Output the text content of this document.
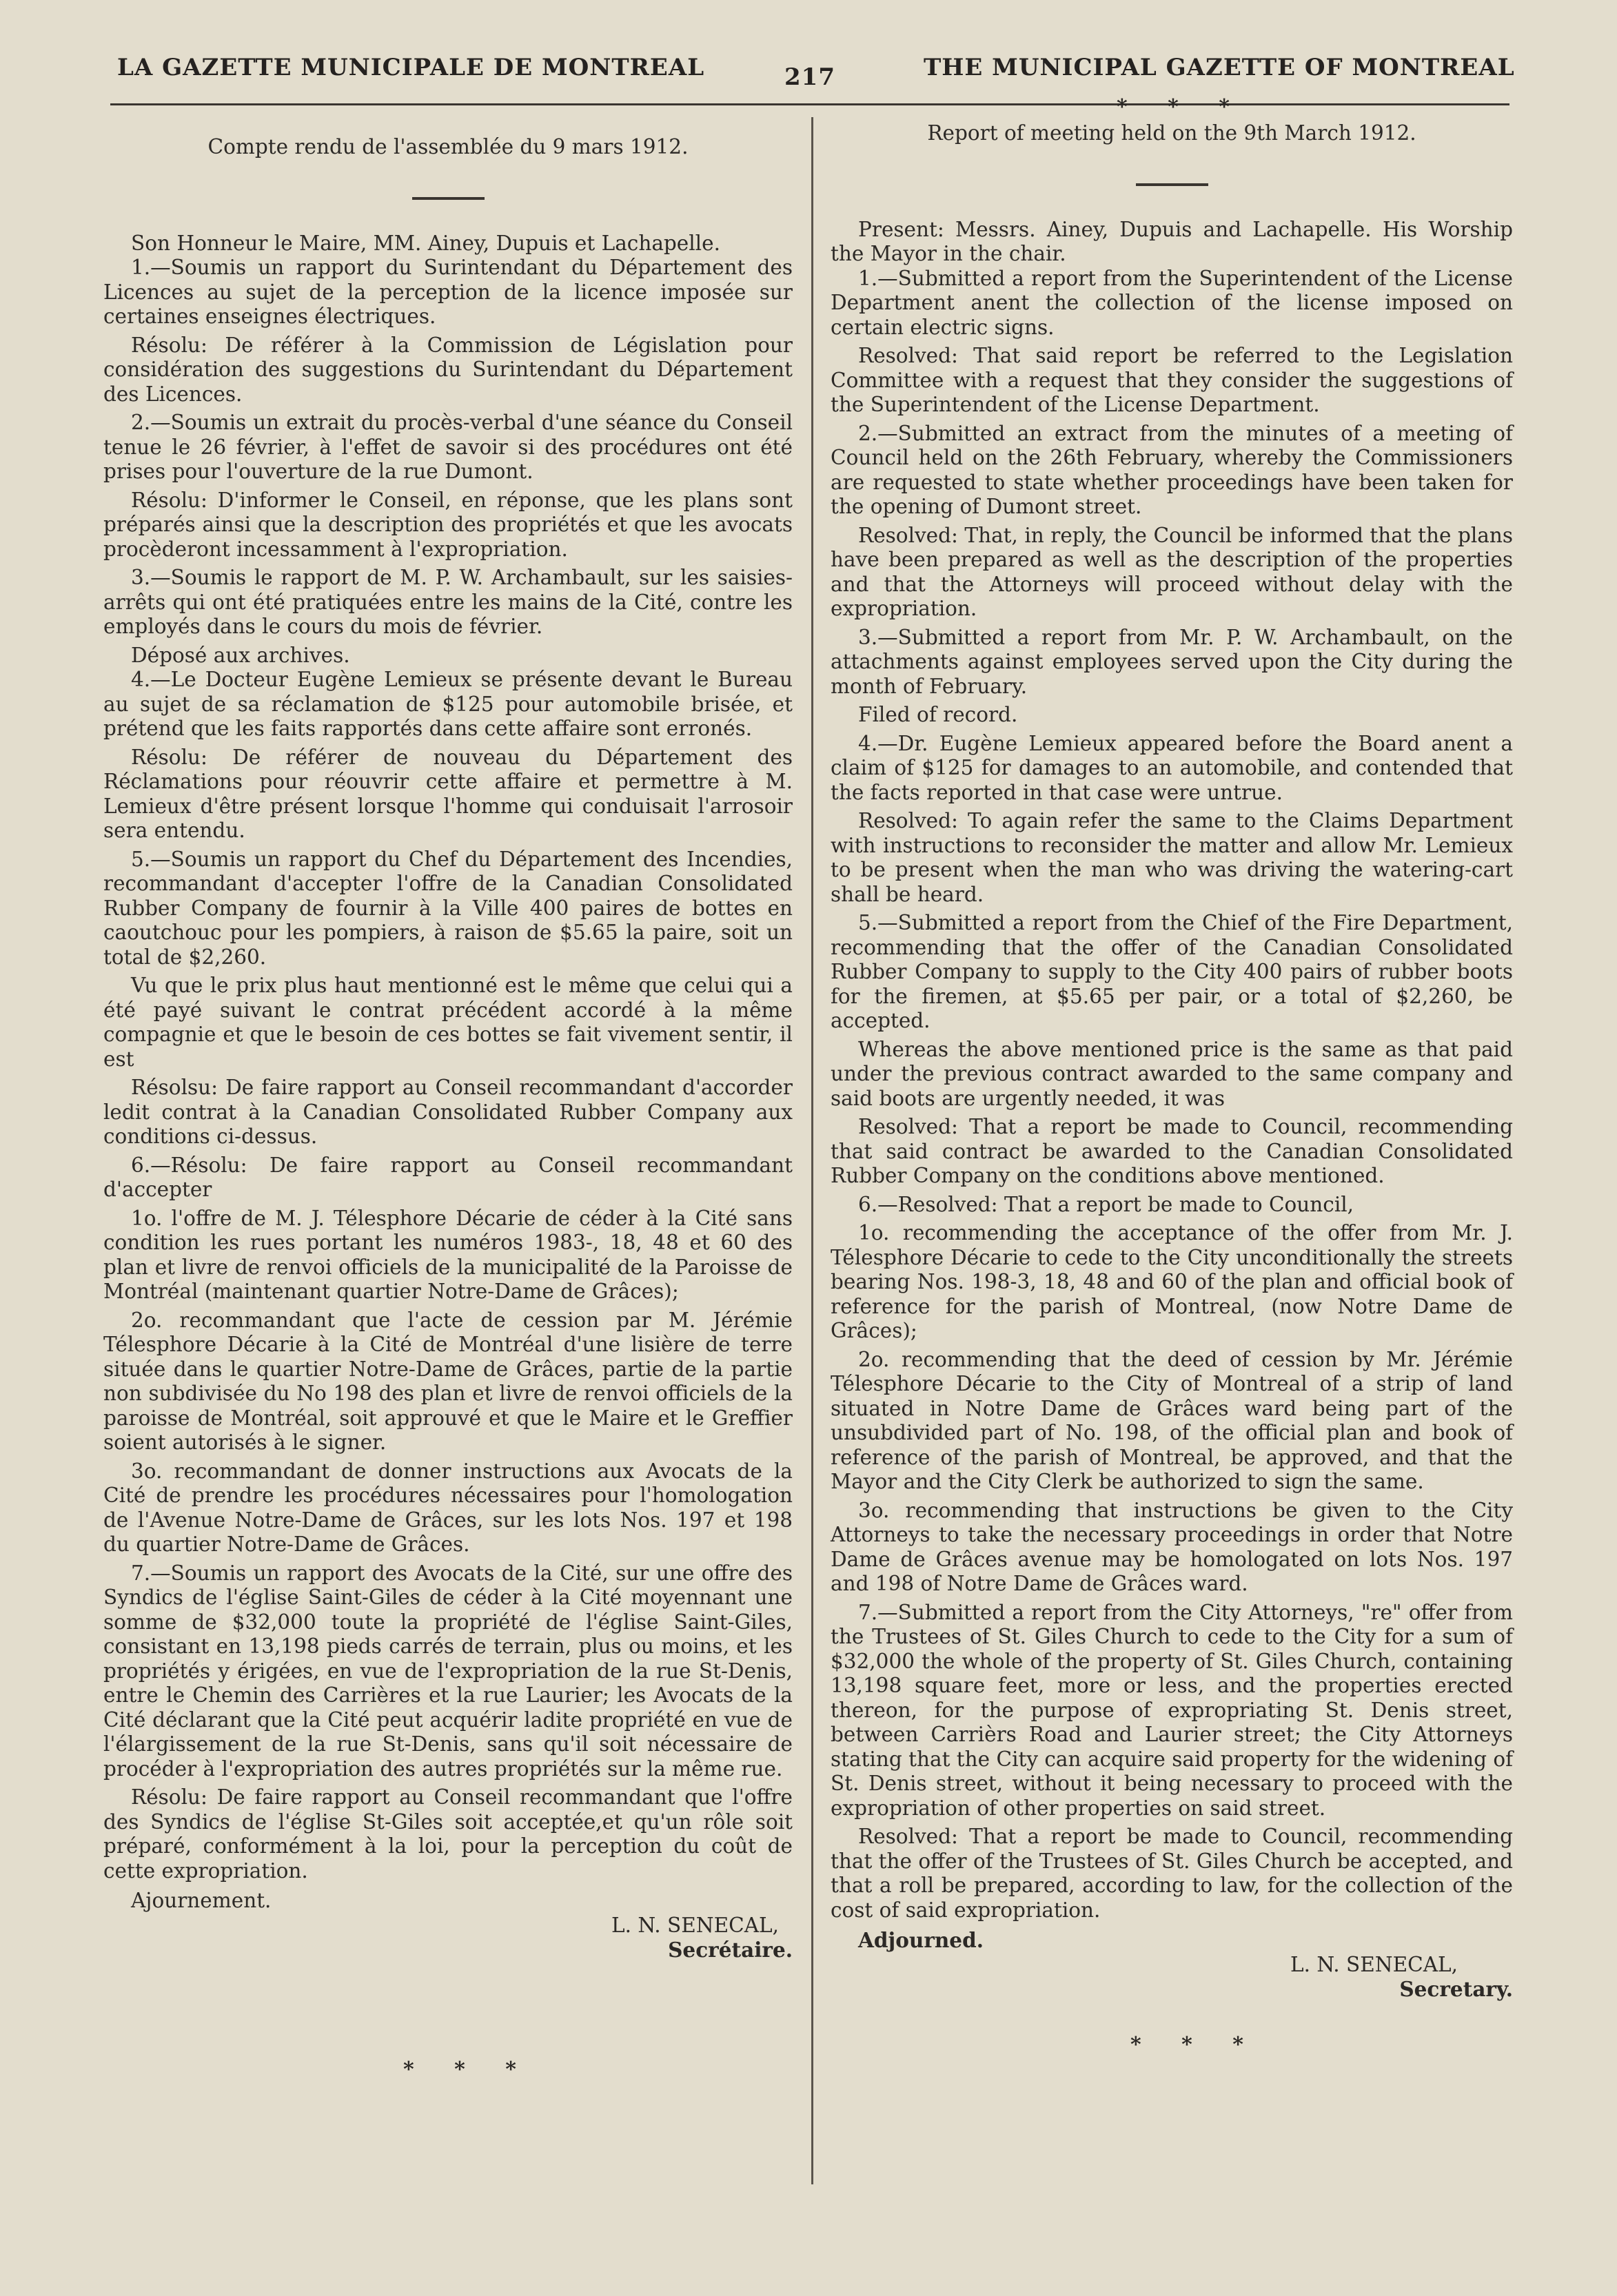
LA GAZETTE MUNICIPALE DE MONTREAL	217	THE MUNICIPAL GAZETTE OF MONTREAL
* * *

Compte rendu de l'assemblée du 9 mars 1912.

Son Honneur le Maire, MM. Ainey, Dupuis et Lachapelle.

1.—Soumis un rapport du Surintendant du Département des Licences au sujet de la perception de la licence imposée sur certaines enseignes électriques.

Résolu: De référer à la Commission de Législation pour considération des suggestions du Surintendant du Département des Licences.

2.—Soumis un extrait du procès-verbal d'une séance du Conseil tenue le 26 février, à l'effet de savoir si des procédures ont été prises pour l'ouverture de la rue Dumont.

Résolu: D'informer le Conseil, en réponse, que les plans sont préparés ainsi que la description des propriétés et que les avocats procèderont incessamment à l'expropriation.

3.—Soumis le rapport de M. P. W. Archambault, sur les saisies-arrêts qui ont été pratiquées entre les mains de la Cité, contre les employés dans le cours du mois de février.

Déposé aux archives.

4.—Le Docteur Eugène Lemieux se présente devant le Bureau au sujet de sa réclamation de $125 pour automobile brisée, et prétend que les faits rapportés dans cette affaire sont erronés.

Résolu: De référer de nouveau du Département des Réclamations pour réouvrir cette affaire et permettre à M. Lemieux d'être présent lorsque l'homme qui conduisait l'arrosoir sera entendu.

5.—Soumis un rapport du Chef du Département des Incendies, recommandant d'accepter l'offre de la Canadian Consolidated Rubber Company de fournir à la Ville 400 paires de bottes en caoutchouc pour les pompiers, à raison de $5.65 la paire, soit un total de $2,260.

Vu que le prix plus haut mentionné est le même que celui qui a été payé suivant le contrat précédent accordé à la même compagnie et que le besoin de ces bottes se fait vivement sentir, il est

Résolsu: De faire rapport au Conseil recommandant d'accorder ledit contrat à la Canadian Consolidated Rubber Company aux conditions ci-dessus.

6.—Résolu: De faire rapport au Conseil recommandant d'accepter

1o. l'offre de M. J. Télesphore Décarie de céder à la Cité sans condition les rues portant les numéros 1983-, 18, 48 et 60 des plan et livre de renvoi officiels de la municipalité de la Paroisse de Montréal (maintenant quartier Notre-Dame de Grâces);

2o. recommandant que l'acte de cession par M. Jérémie Télesphore Décarie à la Cité de Montréal d'une lisière de terre située dans le quartier Notre-Dame de Grâces, partie de la partie non subdivisée du No 198 des plan et livre de renvoi officiels de la paroisse de Montréal, soit approuvé et que le Maire et le Greffier soient autorisés à le signer.

3o. recommandant de donner instructions aux Avocats de la Cité de prendre les procédures nécessaires pour l'homologation de l'Avenue Notre-Dame de Grâces, sur les lots Nos. 197 et 198 du quartier Notre-Dame de Grâces.

7.—Soumis un rapport des Avocats de la Cité, sur une offre des Syndics de l'église Saint-Giles de céder à la Cité moyennant une somme de $32,000 toute la propriété de l'église Saint-Giles, consistant en 13,198 pieds carrés de terrain, plus ou moins, et les propriétés y érigées, en vue de l'expropriation de la rue St-Denis, entre le Chemin des Carrières et la rue Laurier; les Avocats de la Cité déclarant que la Cité peut acquérir ladite propriété en vue de l'élargissement de la rue St-Denis, sans qu'il soit nécessaire de procéder à l'expropriation des autres propriétés sur la même rue.

Résolu: De faire rapport au Conseil recommandant que l'offre des Syndics de l'église St-Giles soit acceptée,et qu'un rôle soit préparé, conformément à la loi, pour la perception du coût de cette expropriation.

Ajournement.

L. N. SENECAL,

Secrétaire.

* * *

Report of meeting held on the 9th March 1912.

Present: Messrs. Ainey, Dupuis and Lachapelle. His Worship the Mayor in the chair.

1.—Submitted a report from the Superintendent of the License Department anent the collection of the license imposed on certain electric signs.

Resolved: That said report be referred to the Legislation Committee with a request that they consider the suggestions of the Superintendent of the License Department.

2.—Submitted an extract from the minutes of a meeting of Council held on the 26th February, whereby the Commissioners are requested to state whether proceedings have been taken for the opening of Dumont street.

Resolved: That, in reply, the Council be informed that the plans have been prepared as well as the description of the properties and that the Attorneys will proceed without delay with the expropriation.

3.—Submitted a report from Mr. P. W. Archambault, on the attachments against employees served upon the City during the month of February.

Filed of record.

4.—Dr. Eugène Lemieux appeared before the Board anent a claim of $125 for damages to an automobile, and contended that the facts reported in that case were untrue.

Resolved: To again refer the same to the Claims Department with instructions to reconsider the matter and allow Mr. Lemieux to be present when the man who was driving the watering-cart shall be heard.

5.—Submitted a report from the Chief of the Fire Department, recommending that the offer of the Canadian Consolidated Rubber Company to supply to the City 400 pairs of rubber boots for the firemen, at $5.65 per pair, or a total of $2,260, be accepted.

Whereas the above mentioned price is the same as that paid under the previous contract awarded to the same company and said boots are urgently needed, it was

Resolved: That a report be made to Council, recommending that said contract be awarded to the Canadian Consolidated Rubber Company on the conditions above mentioned.

6.—Resolved: That a report be made to Council,

1o. recommending the acceptance of the offer from Mr. J. Télesphore Décarie to cede to the City unconditionally the streets bearing Nos. 198-3, 18, 48 and 60 of the plan and official book of reference for the parish of Montreal, (now Notre Dame de Grâces);

2o. recommending that the deed of cession by Mr. Jérémie Télesphore Décarie to the City of Montreal of a strip of land situated in Notre Dame de Grâces ward being part of the unsubdivided part of No. 198, of the official plan and book of reference of the parish of Montreal, be approved, and that the Mayor and the City Clerk be authorized to sign the same.

3o. recommending that instructions be given to the City Attorneys to take the necessary proceedings in order that Notre Dame de Grâces avenue may be homologated on lots Nos. 197 and 198 of Notre Dame de Grâces ward.

7.—Submitted a report from the City Attorneys, "re" offer from the Trustees of St. Giles Church to cede to the City for a sum of $32,000 the whole of the property of St. Giles Church, containing 13,198 square feet, more or less, and the properties erected thereon, for the purpose of expropriating St. Denis street, between Carrièrs Road and Laurier street; the City Attorneys stating that the City can acquire said property for the widening of St. Denis street, without it being necessary to proceed with the expropriation of other properties on said street.

Resolved: That a report be made to Council, recommending that the offer of the Trustees of St. Giles Church be accepted, and that a roll be prepared, according to law, for the collection of the cost of said expropriation.

Adjourned.

L. N. SENECAL,

Secretary.

* * *
